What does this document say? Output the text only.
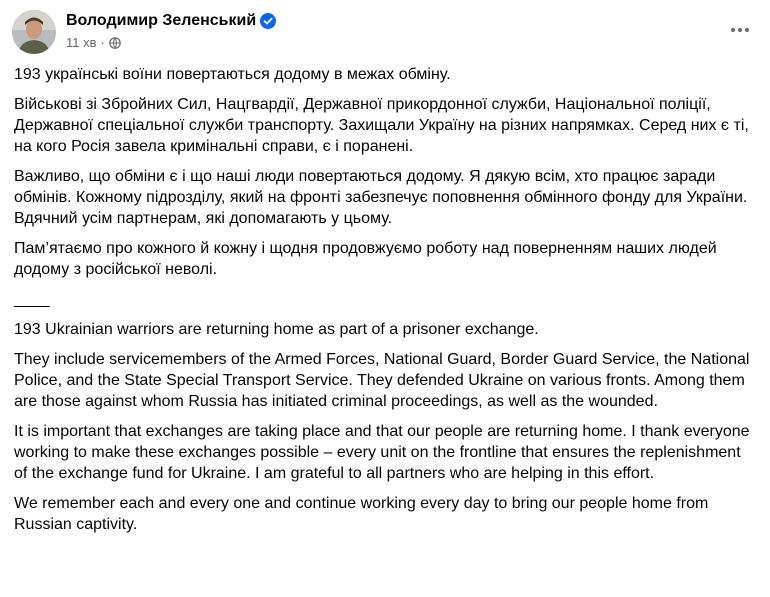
Володимир Зеленський
11 хв ·

193 українські воїни повертаються додому в межах обміну.

Військові зі Збройних Сил, Нацгвардії, Державної прикордонної служби, Національної поліції, Державної спеціальної служби транспорту. Захищали Україну на різних напрямках. Серед них є ті, на кого Росія завела кримінальні справи, є і поранені.

Важливо, що обміни є і що наші люди повертаються додому. Я дякую всім, хто працює заради обмінів. Кожному підрозділу, який на фронті забезпечує поповнення обмінного фонду для України. Вдячний усім партнерам, які допомагають у цьому.

Пам’ятаємо про кожного й кожну і щодня продовжуємо роботу над поверненням наших людей додому з російської неволі.

____

193 Ukrainian warriors are returning home as part of a prisoner exchange.

They include servicemembers of the Armed Forces, National Guard, Border Guard Service, the National Police, and the State Special Transport Service. They defended Ukraine on various fronts. Among them are those against whom Russia has initiated criminal proceedings, as well as the wounded.

It is important that exchanges are taking place and that our people are returning home. I thank everyone working to make these exchanges possible – every unit on the frontline that ensures the replenishment of the exchange fund for Ukraine. I am grateful to all partners who are helping in this effort.

We remember each and every one and continue working every day to bring our people home from Russian captivity.
